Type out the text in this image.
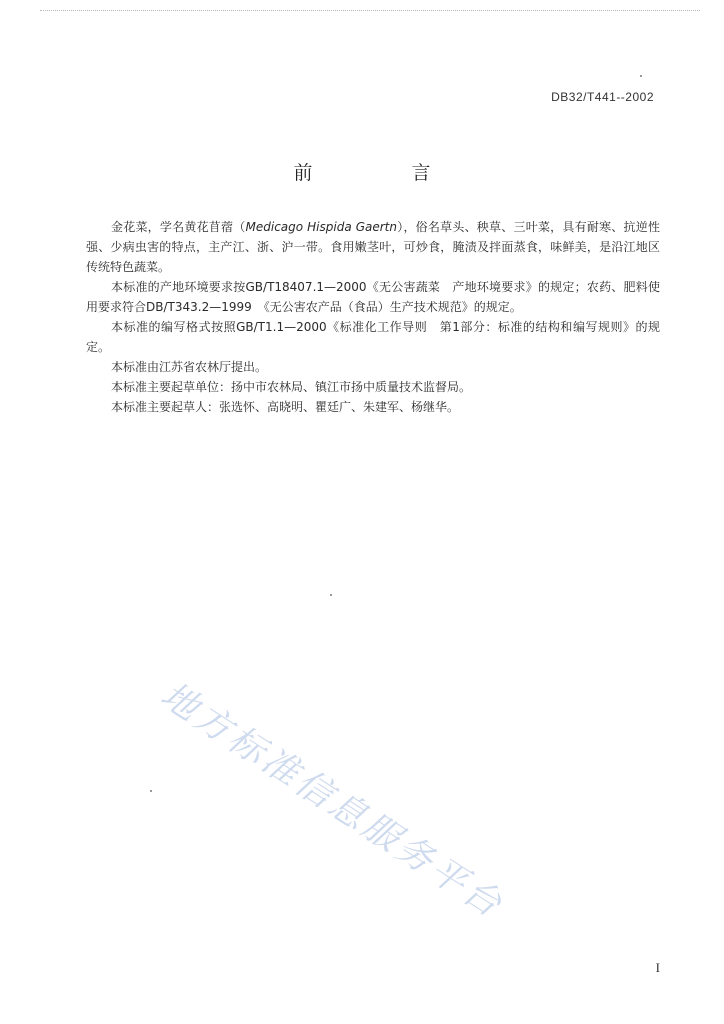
DB32/T441--2002
前　言

金花菜，学名黄花苜蓿（Medicago Hispida Gaertn），俗名草头、秧草、三叶菜，具有耐寒、抗逆性强、少病虫害的特点，主产江、浙、沪一带。食用嫩茎叶，可炒食，腌渍及拌面蒸食，味鲜美，是沿江地区传统特色蔬菜。

本标准的产地环境要求按GB/T18407.1—2000《无公害蔬菜　产地环境要求》的规定；农药、肥料使用要求符合DB/T343.2—1999　《无公害农产品（食品）生产技术规范》的规定。

本标准的编写格式按照GB/T1.1—2000《标准化工作导则　第1部分：标准的结构和编写规则》的规定。

本标准由江苏省农林厅提出。

本标准主要起草单位：扬中市农林局、镇江市扬中质量技术监督局。

本标准主要起草人：张选怀、高晓明、瞿廷广、朱建军、杨继华。

地方标准信息服务平台
I
